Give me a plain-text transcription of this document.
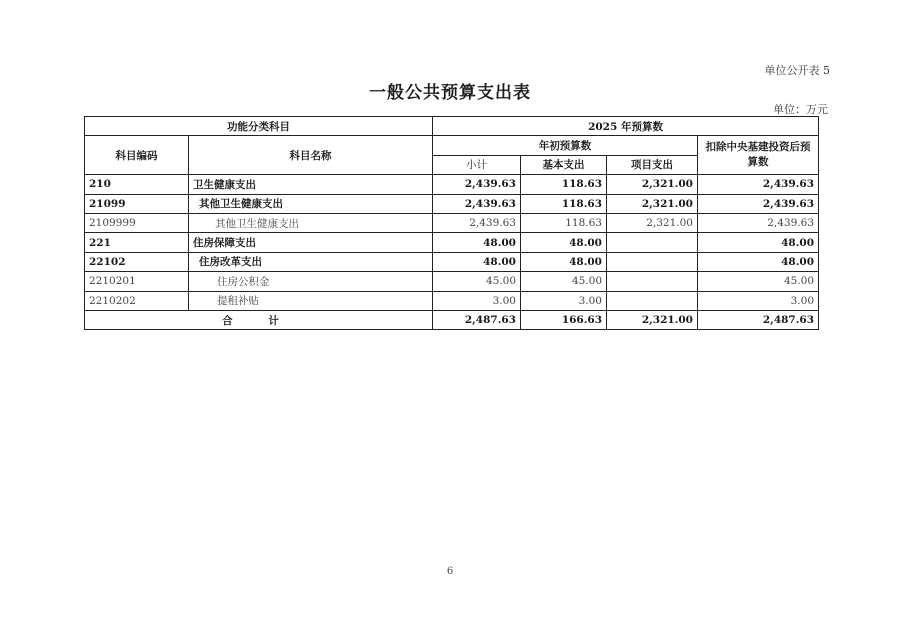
单位公开表 5
一般公共预算支出表
单位：万元
功能分类科目		2025 年预算数			
科目编码	科目名称	年初预算数			扣除中央基建投资后预算数
		小计	基本支出	项目支出	
210	卫生健康支出	2,439.63	118.63	2,321.00	2,439.63
21099	其他卫生健康支出	2,439.63	118.63	2,321.00	2,439.63
2109999	其他卫生健康支出	2,439.63	118.63	2,321.00	2,439.63
221	住房保障支出	48.00	48.00		48.00
22102	住房改革支出	48.00	48.00		48.00
2210201	住房公积金	45.00	45.00		45.00
2210202	提租补贴	3.00	3.00		3.00
合 计		2,487.63	166.63	2,321.00	2,487.63
6
